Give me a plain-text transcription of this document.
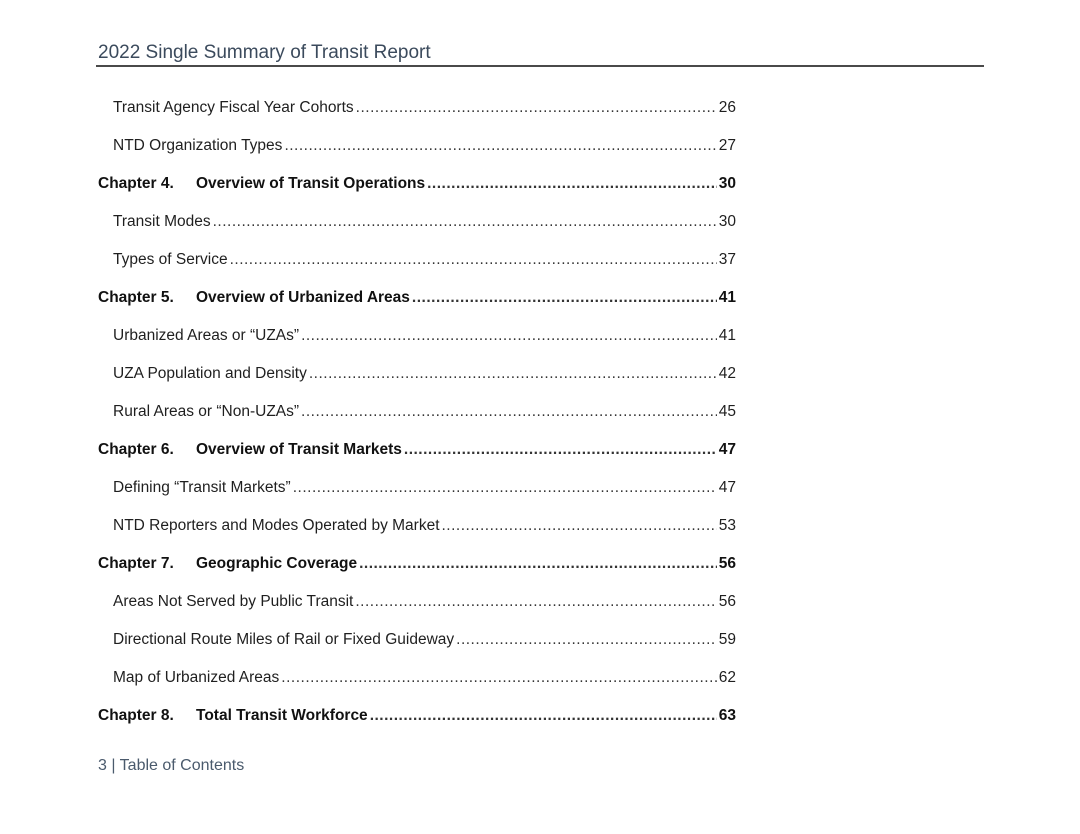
2022 Single Summary of Transit Report
Transit Agency Fiscal Year Cohorts .....	26
NTD Organization Types .....	27
Chapter 4.	Overview of Transit Operations .....	30
Transit Modes .....	30
Types of Service .....	37
Chapter 5.	Overview of Urbanized Areas .....	41
Urbanized Areas or “UZAs” .....	41
UZA Population and Density .....	42
Rural Areas or “Non-UZAs” .....	45
Chapter 6.	Overview of Transit Markets .....	47
Defining “Transit Markets” .....	47
NTD Reporters and Modes Operated by Market .....	53
Chapter 7.	Geographic Coverage .....	56
Areas Not Served by Public Transit .....	56
Directional Route Miles of Rail or Fixed Guideway .....	59
Map of Urbanized Areas .....	62
Chapter 8.	Total Transit Workforce .....	63
3 | Table of Contents
